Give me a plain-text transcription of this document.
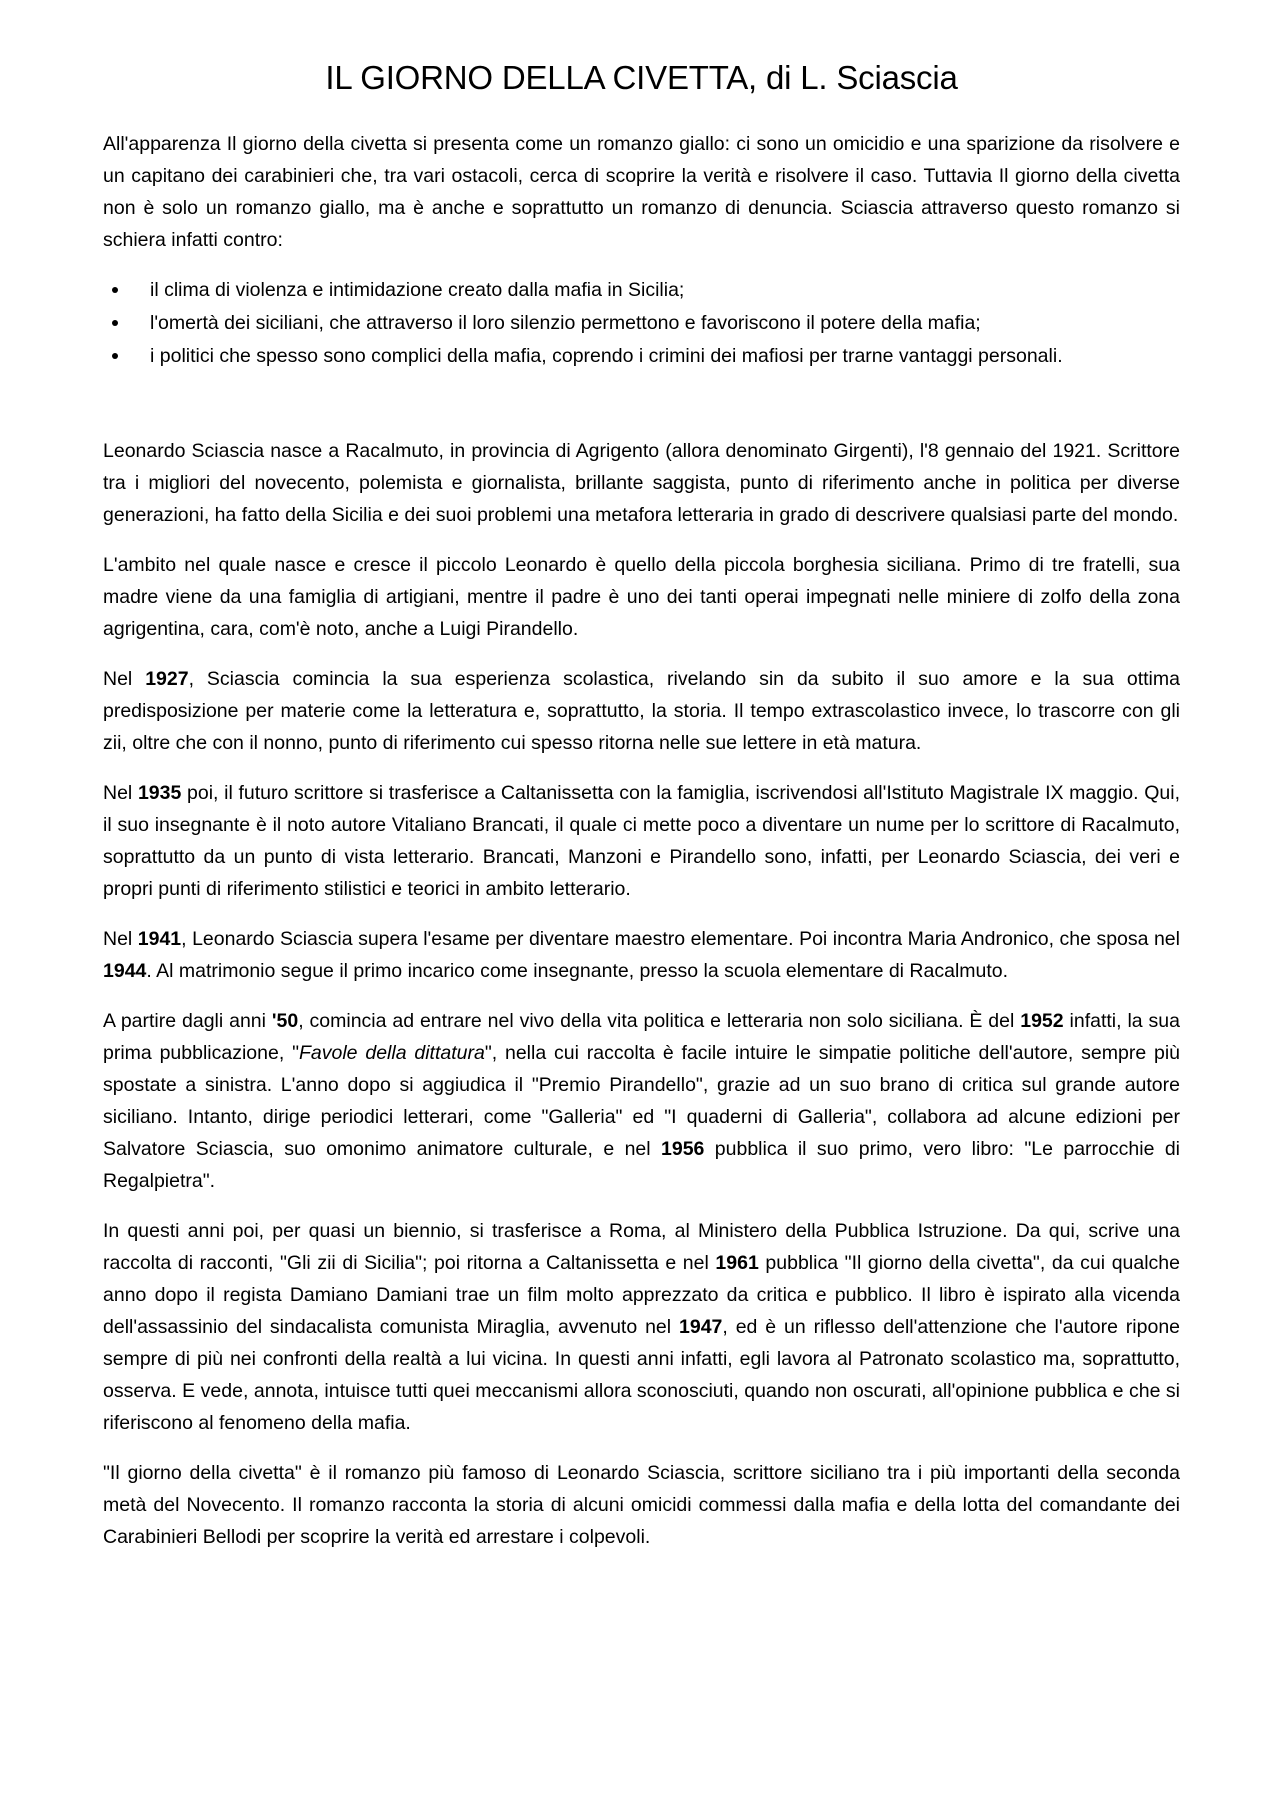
IL GIORNO DELLA CIVETTA, di L. Sciascia

All'apparenza Il giorno della civetta si presenta come un romanzo giallo: ci sono un omicidio e una sparizione da risolvere e un capitano dei carabinieri che, tra vari ostacoli, cerca di scoprire la verità e risolvere il caso. Tuttavia Il giorno della civetta non è solo un romanzo giallo, ma è anche e soprattutto un romanzo di denuncia. Sciascia attraverso questo romanzo si schiera infatti contro:

il clima di violenza e intimidazione creato dalla mafia in Sicilia;
l'omertà dei siciliani, che attraverso il loro silenzio permettono e favoriscono il potere della mafia;
i politici che spesso sono complici della mafia, coprendo i crimini dei mafiosi per trarne vantaggi personali.

Leonardo Sciascia nasce a Racalmuto, in provincia di Agrigento (allora denominato Girgenti), l'8 gennaio del 1921. Scrittore tra i migliori del novecento, polemista e giornalista, brillante saggista, punto di riferimento anche in politica per diverse generazioni, ha fatto della Sicilia e dei suoi problemi una metafora letteraria in grado di descrivere qualsiasi parte del mondo.

L'ambito nel quale nasce e cresce il piccolo Leonardo è quello della piccola borghesia siciliana. Primo di tre fratelli, sua madre viene da una famiglia di artigiani, mentre il padre è uno dei tanti operai impegnati nelle miniere di zolfo della zona agrigentina, cara, com'è noto, anche a Luigi Pirandello.

Nel 1927, Sciascia comincia la sua esperienza scolastica, rivelando sin da subito il suo amore e la sua ottima predisposizione per materie come la letteratura e, soprattutto, la storia. Il tempo extrascolastico invece, lo trascorre con gli zii, oltre che con il nonno, punto di riferimento cui spesso ritorna nelle sue lettere in età matura.

Nel 1935 poi, il futuro scrittore si trasferisce a Caltanissetta con la famiglia, iscrivendosi all'Istituto Magistrale IX maggio. Qui, il suo insegnante è il noto autore Vitaliano Brancati, il quale ci mette poco a diventare un nume per lo scrittore di Racalmuto, soprattutto da un punto di vista letterario. Brancati, Manzoni e Pirandello sono, infatti, per Leonardo Sciascia, dei veri e propri punti di riferimento stilistici e teorici in ambito letterario.

Nel 1941, Leonardo Sciascia supera l'esame per diventare maestro elementare. Poi incontra Maria Andronico, che sposa nel 1944. Al matrimonio segue il primo incarico come insegnante, presso la scuola elementare di Racalmuto.

A partire dagli anni '50, comincia ad entrare nel vivo della vita politica e letteraria non solo siciliana. È del 1952 infatti, la sua prima pubblicazione, "Favole della dittatura", nella cui raccolta è facile intuire le simpatie politiche dell'autore, sempre più spostate a sinistra. L'anno dopo si aggiudica il "Premio Pirandello", grazie ad un suo brano di critica sul grande autore siciliano. Intanto, dirige periodici letterari, come "Galleria" ed "I quaderni di Galleria", collabora ad alcune edizioni per Salvatore Sciascia, suo omonimo animatore culturale, e nel 1956 pubblica il suo primo, vero libro: "Le parrocchie di Regalpietra".

In questi anni poi, per quasi un biennio, si trasferisce a Roma, al Ministero della Pubblica Istruzione. Da qui, scrive una raccolta di racconti, "Gli zii di Sicilia"; poi ritorna a Caltanissetta e nel 1961 pubblica "Il giorno della civetta", da cui qualche anno dopo il regista Damiano Damiani trae un film molto apprezzato da critica e pubblico. Il libro è ispirato alla vicenda dell'assassinio del sindacalista comunista Miraglia, avvenuto nel 1947, ed è un riflesso dell'attenzione che l'autore ripone sempre di più nei confronti della realtà a lui vicina. In questi anni infatti, egli lavora al Patronato scolastico ma, soprattutto, osserva. E vede, annota, intuisce tutti quei meccanismi allora sconosciuti, quando non oscurati, all'opinione pubblica e che si riferiscono al fenomeno della mafia.

"Il giorno della civetta" è il romanzo più famoso di Leonardo Sciascia, scrittore siciliano tra i più importanti della seconda metà del Novecento. Il romanzo racconta la storia di alcuni omicidi commessi dalla mafia e della lotta del comandante dei Carabinieri Bellodi per scoprire la verità ed arrestare i colpevoli.
